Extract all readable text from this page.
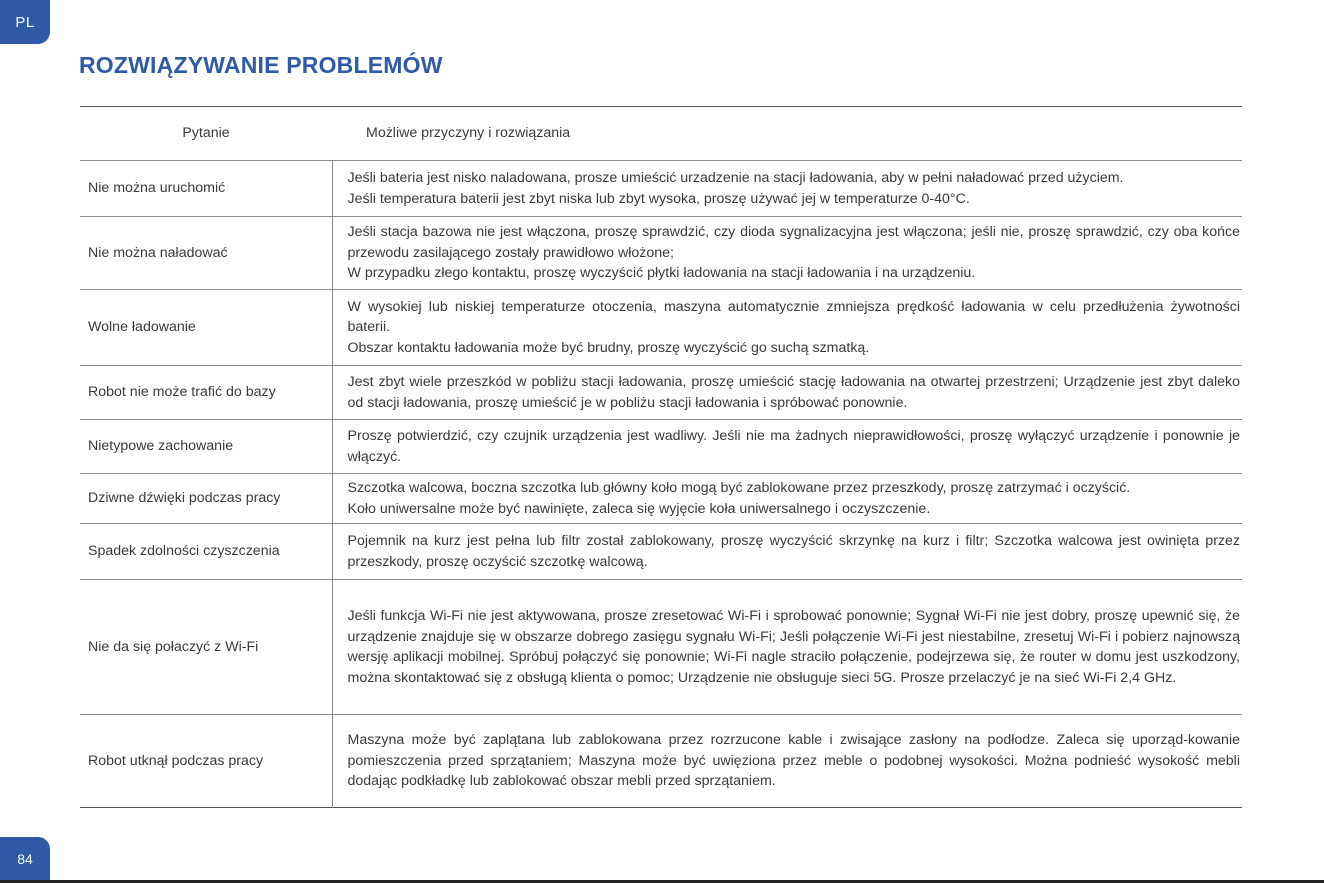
PL
ROZWIĄZYWANIE PROBLEMÓW
Pytanie	Możliwe przyczyny i rozwiązania
Nie można uruchomić	Jeśli bateria jest nisko naladowana, prosze umieścić urzadzenie na stacji ładowania, aby w pełni naładować przed użyciem.
Jeśli temperatura baterii jest zbyt niska lub zbyt wysoka, proszę używać jej w temperaturze 0-40°C.

Nie można naładować	Jeśli stacja bazowa nie jest włączona, proszę sprawdzić, czy dioda sygnalizacyjna jest włączona; jeśli nie, proszę sprawdzić, czy oba końce przewodu zasilającego zostały prawidłowo włożone;
W przypadku złego kontaktu, proszę wyczyścić płytki ładowania na stacji ładowania i na urządzeniu.

Wolne ładowanie	W wysokiej lub niskiej temperaturze otoczenia, maszyna automatycznie zmniejsza prędkość ładowania w celu przedłużenia żywotności baterii.
Obszar kontaktu ładowania może być brudny, proszę wyczyścić go suchą szmatką.

Robot nie może trafić do bazy	Jest zbyt wiele przeszkód w pobliżu stacji ładowania, proszę umieścić stację ładowania na otwartej przestrzeni; Urządzenie jest zbyt daleko od stacji ładowania, proszę umieścić je w pobliżu stacji ładowania i spróbować ponownie.

Nietypowe zachowanie	Proszę potwierdzić, czy czujnik urządzenia jest wadliwy. Jeśli nie ma żadnych nieprawidłowości, proszę wyłączyć urządzenie i ponownie je włączyć.

Dziwne dźwięki podczas pracy	Szczotka walcowa, boczna szczotka lub główny koło mogą być zablokowane przez przeszkody, proszę zatrzymać i oczyścić.
Koło uniwersalne może być nawinięte, zaleca się wyjęcie koła uniwersalnego i oczyszczenie.

Spadek zdolności czyszczenia	Pojemnik na kurz jest pełna lub filtr został zablokowany, proszę wyczyścić skrzynkę na kurz i filtr; Szczotka walcowa jest owinięta przez przeszkody, proszę oczyścić szczotkę walcową.

Nie da się połaczyć z Wi-Fi	Jeśli funkcja Wi-Fi nie jest aktywowana, prosze zresetować Wi-Fi i sprobować ponownie; Sygnał Wi-Fi nie jest dobry, proszę upewnić się, że urządzenie znajduje się w obszarze dobrego zasięgu sygnału Wi-Fi; Jeśli połączenie Wi-Fi jest niestabilne, zresetuj Wi-Fi i pobierz najnowszą wersję aplikacji mobilnej. Spróbuj połączyć się ponownie; Wi-Fi nagle straciło połączenie, podejrzewa się, że router w domu jest uszkodzony, można skontaktować się z obsługą klienta o pomoc; Urządzenie nie obsługuje sieci 5G. Prosze przelaczyć je na sieć Wi-Fi 2,4 GHz.

Robot utknął podczas pracy	Maszyna może być zaplątana lub zablokowana przez rozrzucone kable i zwisające zasłony na podłodze. Zaleca się uporząd-kowanie pomieszczenia przed sprzątaniem; Maszyna może być uwięziona przez meble o podobnej wysokości. Można podnieść wysokość mebli dodając podkładkę lub zablokować obszar mebli przed sprzątaniem.
84
